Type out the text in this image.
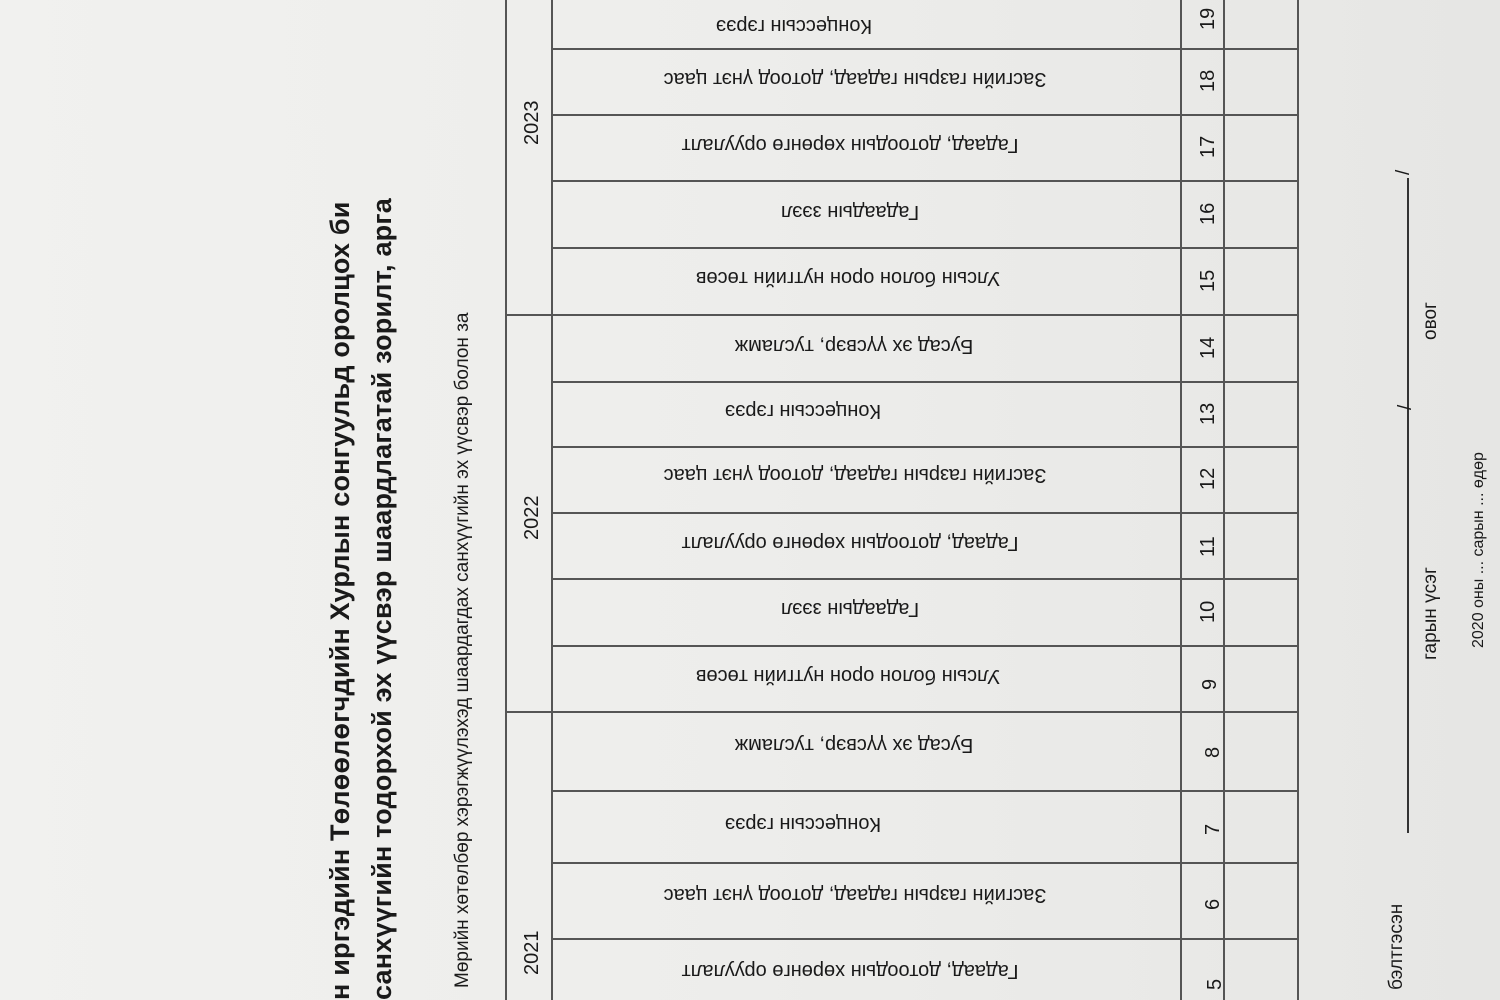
н иргэдийн Төлөөлөгчдийн Хурлын сонгуульд оролцох би санхүүгийн тодорхой эх үүсвэр шаардлагатай зорилт, арга	Мөрийн хөтөлбөр хэрэгжүүлэхэд шаардагдах санхүүгийн эх үүсвэр болон за
2023
2022
2021
Концессын гэрээ
Засгийн газрын гадаад, дотоод үнэт цаас
Гадаад, дотоодын хөрөнгө оруулалт
Гадаадын зээл
Улсын болон орон нутгийн төсөв
Бусад эх үүсвэр, тусламж
Концессын гэрээ
Засгийн газрын гадаад, дотоод үнэт цаас
Гадаад, дотоодын хөрөнгө оруулалт
Гадаадын зээл
Улсын болон орон нутгийн төсөв
Бусад эх үүсвэр, тусламж
Концессын гэрээ
Засгийн газрын гадаад, дотоод үнэт цаас
Гадаад, дотоодын хөрөнгө оруулалт
19
18
17
16
15
14
13
12
11
10
9
8
7
6
5	бэлтгэсэн
гарын үсэг
/
овог
/
2020 оны ... сарын ... өдөр
